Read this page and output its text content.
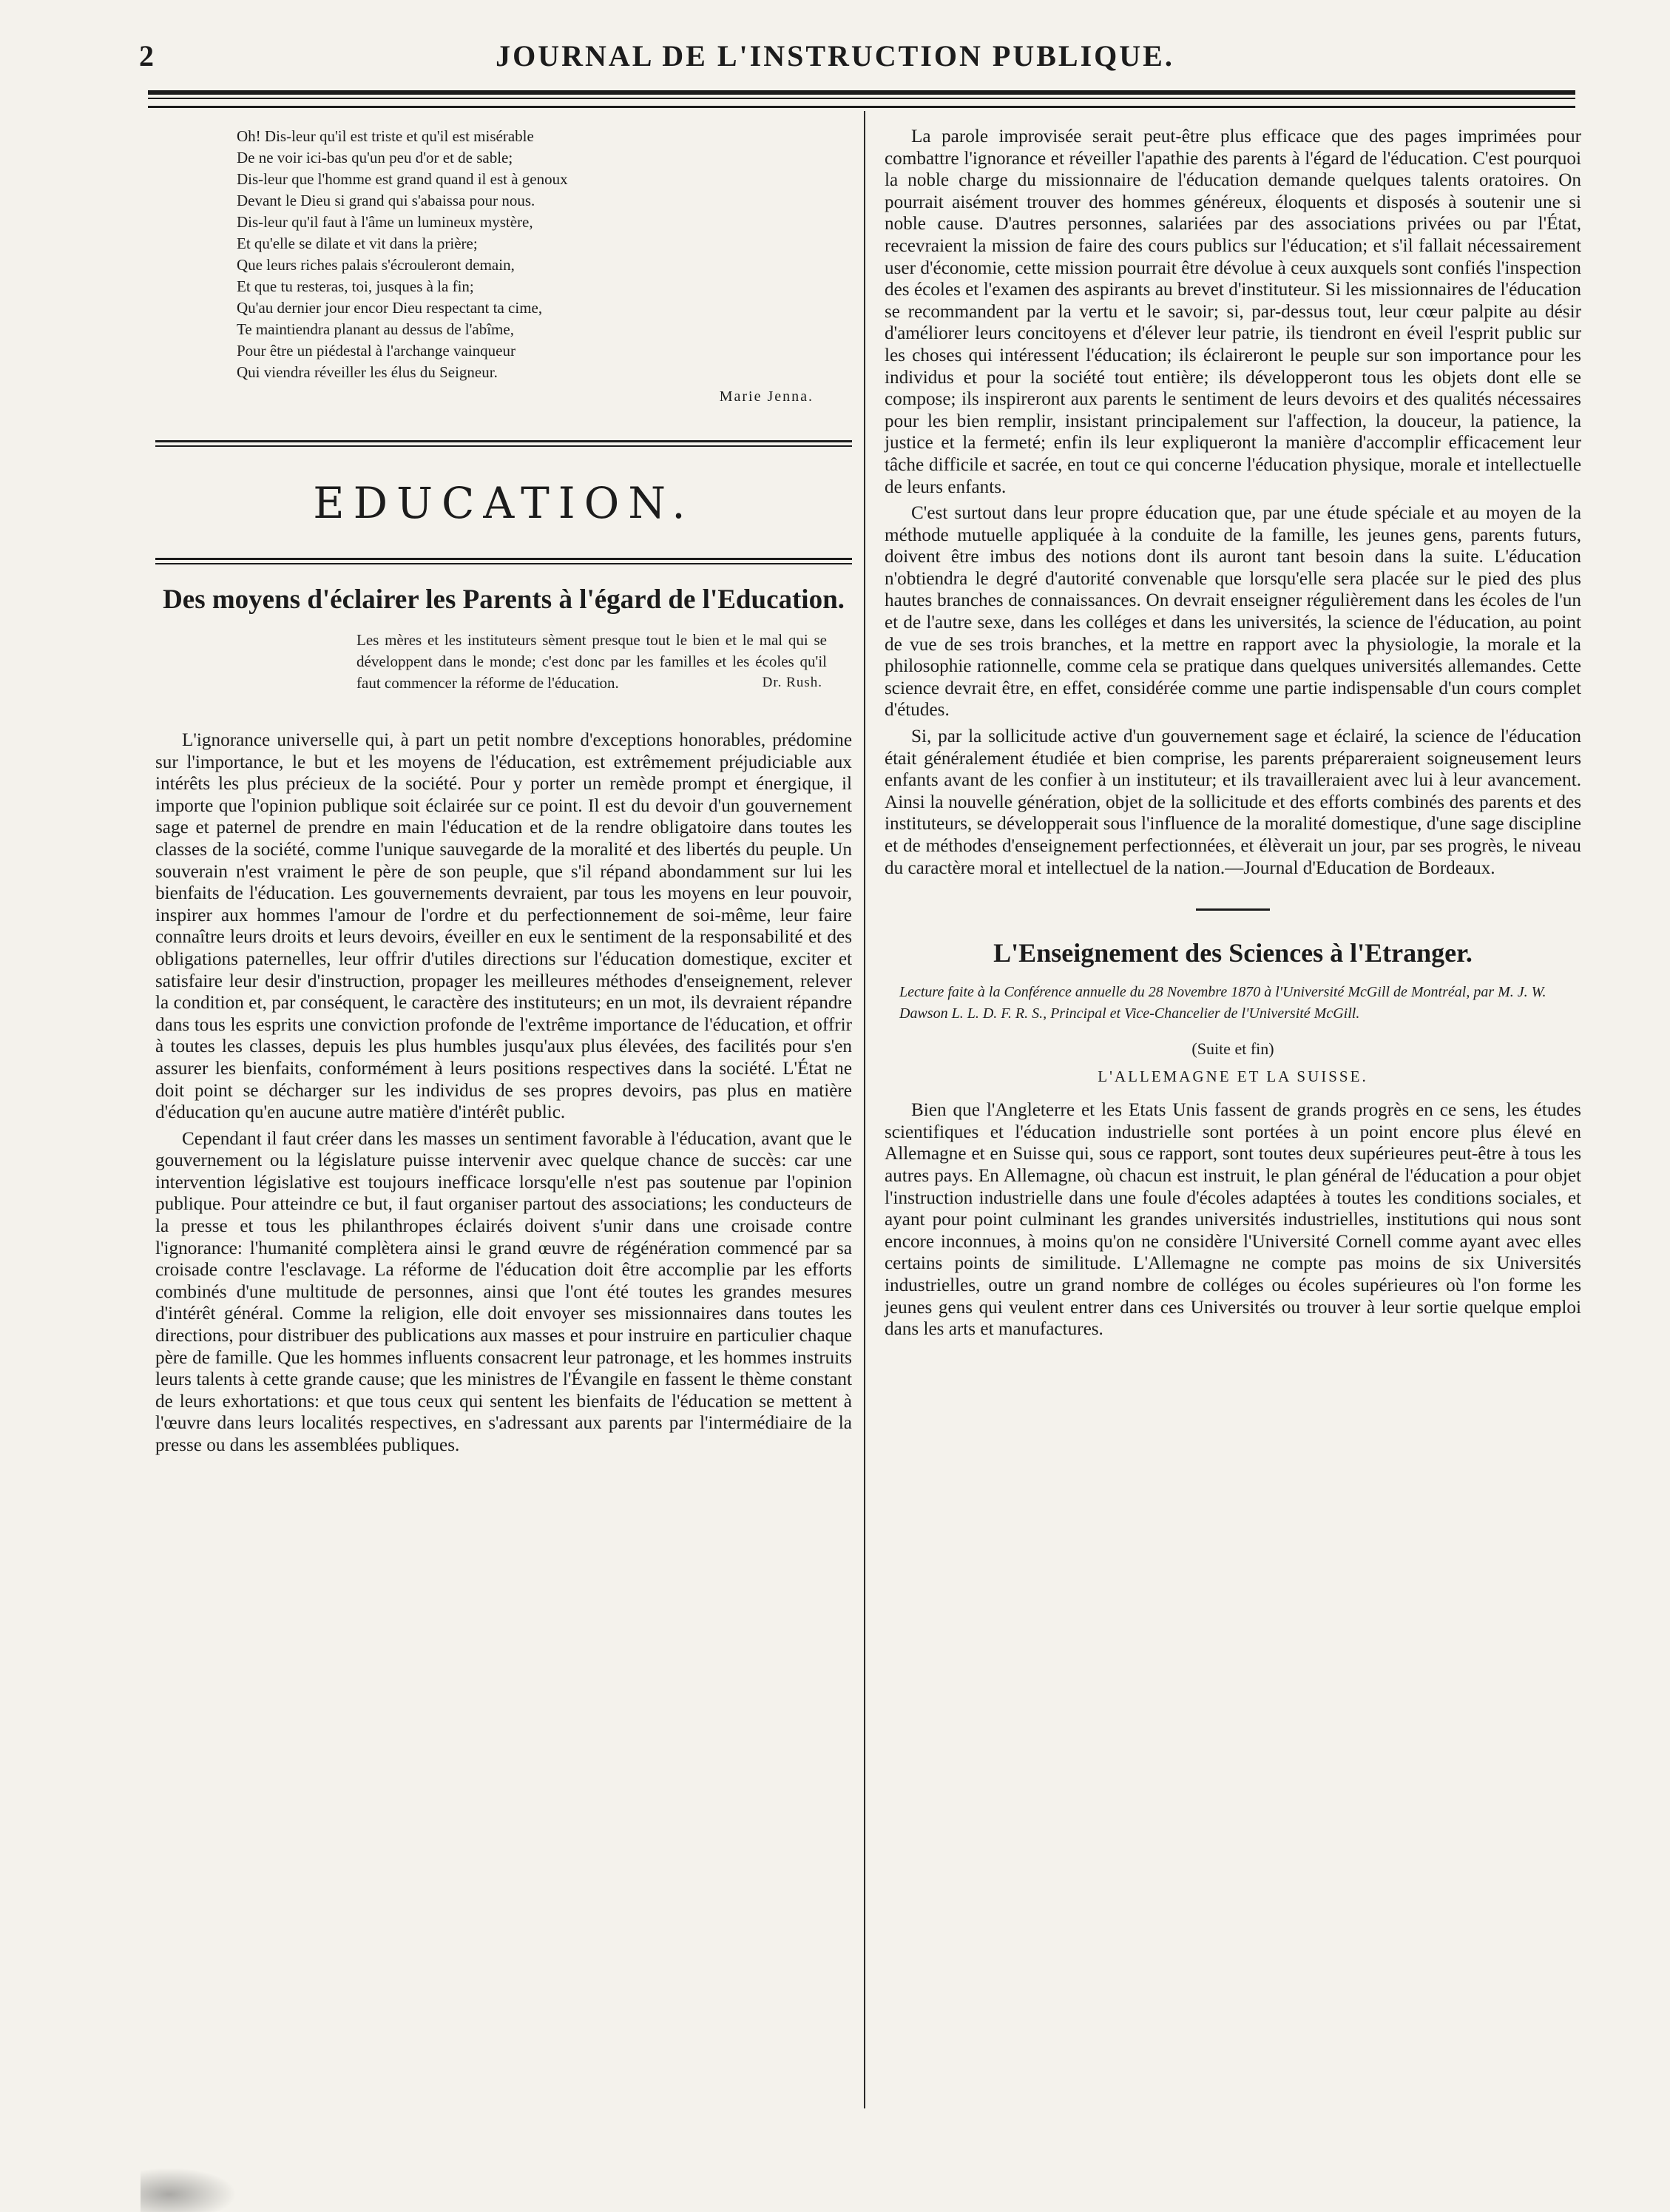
2	JOURNAL DE L'INSTRUCTION PUBLIQUE.

Oh! Dis-leur qu'il est triste et qu'il est misérable

De ne voir ici-bas qu'un peu d'or et de sable;

Dis-leur que l'homme est grand quand il est à genoux

Devant le Dieu si grand qui s'abaissa pour nous.

Dis-leur qu'il faut à l'âme un lumineux mystère,

Et qu'elle se dilate et vit dans la prière;

Que leurs riches palais s'écrouleront demain,

Et que tu resteras, toi, jusques à la fin;

Qu'au dernier jour encor Dieu respectant ta cime,

Te maintiendra planant au dessus de l'abîme,

Pour être un piédestal à l'archange vainqueur

Qui viendra réveiller les élus du Seigneur.

Marie Jenna.
EDUCATION.
Des moyens d'éclairer les Parents à l'égard de l'Education.
Les mères et les instituteurs sèment presque tout le bien et le mal qui se développent dans le monde; c'est donc par les familles et les écoles qu'il faut commencer la réforme de l'éducation.	Dr. Rush.

L'ignorance universelle qui, à part un petit nombre d'exceptions honorables, prédomine sur l'importance, le but et les moyens de l'éducation, est extrêmement préjudiciable aux intérêts les plus précieux de la société. Pour y porter un remède prompt et énergique, il importe que l'opinion publique soit éclairée sur ce point. Il est du devoir d'un gouvernement sage et paternel de prendre en main l'éducation et de la rendre obligatoire dans toutes les classes de la société, comme l'unique sauvegarde de la moralité et des libertés du peuple. Un souverain n'est vraiment le père de son peuple, que s'il répand abondamment sur lui les bienfaits de l'éducation. Les gouvernements devraient, par tous les moyens en leur pouvoir, inspirer aux hommes l'amour de l'ordre et du perfectionnement de soi-même, leur faire connaître leurs droits et leurs devoirs, éveiller en eux le sentiment de la responsabilité et des obligations paternelles, leur offrir d'utiles directions sur l'éducation domestique, exciter et satisfaire leur desir d'instruction, propager les meilleures méthodes d'enseignement, relever la condition et, par conséquent, le caractère des instituteurs; en un mot, ils devraient répandre dans tous les esprits une conviction profonde de l'extrême importance de l'éducation, et offrir à toutes les classes, depuis les plus humbles jusqu'aux plus élevées, des facilités pour s'en assurer les bienfaits, conformément à leurs positions respectives dans la société. L'État ne doit point se décharger sur les individus de ses propres devoirs, pas plus en matière d'éducation qu'en aucune autre matière d'intérêt public.

Cependant il faut créer dans les masses un sentiment favorable à l'éducation, avant que le gouvernement ou la législature puisse intervenir avec quelque chance de succès: car une intervention législative est toujours inefficace lorsqu'elle n'est pas soutenue par l'opinion publique. Pour atteindre ce but, il faut organiser partout des associations; les conducteurs de la presse et tous les philanthropes éclairés doivent s'unir dans une croisade contre l'ignorance: l'humanité complètera ainsi le grand œuvre de régénération commencé par sa croisade contre l'esclavage. La réforme de l'éducation doit être accomplie par les efforts combinés d'une multitude de personnes, ainsi que l'ont été toutes les grandes mesures d'intérêt général. Comme la religion, elle doit envoyer ses missionnaires dans toutes les directions, pour distribuer des publications aux masses et pour instruire en particulier chaque père de famille. Que les hommes influents consacrent leur patronage, et les hommes instruits leurs talents à cette grande cause; que les ministres de l'Évangile en fassent le thème constant de leurs exhortations: et que tous ceux qui sentent les bienfaits de l'éducation se mettent à l'œuvre dans leurs localités respectives, en s'adressant aux parents par l'intermédiaire de la presse ou dans les assemblées publiques.

La parole improvisée serait peut-être plus efficace que des pages imprimées pour combattre l'ignorance et réveiller l'apathie des parents à l'égard de l'éducation. C'est pourquoi la noble charge du missionnaire de l'éducation demande quelques talents oratoires. On pourrait aisément trouver des hommes généreux, éloquents et disposés à soutenir une si noble cause. D'autres personnes, salariées par des associations privées ou par l'État, recevraient la mission de faire des cours publics sur l'éducation; et s'il fallait nécessairement user d'économie, cette mission pourrait être dévolue à ceux auxquels sont confiés l'inspection des écoles et l'examen des aspirants au brevet d'instituteur. Si les missionnaires de l'éducation se recommandent par la vertu et le savoir; si, par-dessus tout, leur cœur palpite au désir d'améliorer leurs concitoyens et d'élever leur patrie, ils tiendront en éveil l'esprit public sur les choses qui intéressent l'éducation; ils éclaireront le peuple sur son importance pour les individus et pour la société tout entière; ils développeront tous les objets dont elle se compose; ils inspireront aux parents le sentiment de leurs devoirs et des qualités nécessaires pour les bien remplir, insistant principalement sur l'affection, la douceur, la patience, la justice et la fermeté; enfin ils leur expliqueront la manière d'accomplir efficacement leur tâche difficile et sacrée, en tout ce qui concerne l'éducation physique, morale et intellectuelle de leurs enfants.

C'est surtout dans leur propre éducation que, par une étude spéciale et au moyen de la méthode mutuelle appliquée à la conduite de la famille, les jeunes gens, parents futurs, doivent être imbus des notions dont ils auront tant besoin dans la suite. L'éducation n'obtiendra le degré d'autorité convenable que lorsqu'elle sera placée sur le pied des plus hautes branches de connaissances. On devrait enseigner régulièrement dans les écoles de l'un et de l'autre sexe, dans les colléges et dans les universités, la science de l'éducation, au point de vue de ses trois branches, et la mettre en rapport avec la physiologie, la morale et la philosophie rationnelle, comme cela se pratique dans quelques universités allemandes. Cette science devrait être, en effet, considérée comme une partie indispensable d'un cours complet d'études.

Si, par la sollicitude active d'un gouvernement sage et éclairé, la science de l'éducation était généralement étudiée et bien comprise, les parents prépareraient soigneusement leurs enfants avant de les confier à un instituteur; et ils travailleraient avec lui à leur avancement. Ainsi la nouvelle génération, objet de la sollicitude et des efforts combinés des parents et des instituteurs, se développerait sous l'influence de la moralité domestique, d'une sage discipline et de méthodes d'enseignement perfectionnées, et élèverait un jour, par ses progrès, le niveau du caractère moral et intellectuel de la nation.—Journal d'Education de Bordeaux.

L'Enseignement des Sciences à l'Etranger.
Lecture faite à la Conférence annuelle du 28 Novembre 1870 à l'Université McGill de Montréal, par M. J. W. Dawson L. L. D. F. R. S., Principal et Vice-Chancelier de l'Université McGill.
(Suite et fin)
L'ALLEMAGNE ET LA SUISSE.

Bien que l'Angleterre et les Etats Unis fassent de grands progrès en ce sens, les études scientifiques et l'éducation industrielle sont portées à un point encore plus élevé en Allemagne et en Suisse qui, sous ce rapport, sont toutes deux supérieures peut-être à tous les autres pays. En Allemagne, où chacun est instruit, le plan général de l'éducation a pour objet l'instruction industrielle dans une foule d'écoles adaptées à toutes les conditions sociales, et ayant pour point culminant les grandes universités industrielles, institutions qui nous sont encore inconnues, à moins qu'on ne considère l'Université Cornell comme ayant avec elles certains points de similitude. L'Allemagne ne compte pas moins de six Universités industrielles, outre un grand nombre de colléges ou écoles supérieures où l'on forme les jeunes gens qui veulent entrer dans ces Universités ou trouver à leur sortie quelque emploi dans les arts et manufactures.
